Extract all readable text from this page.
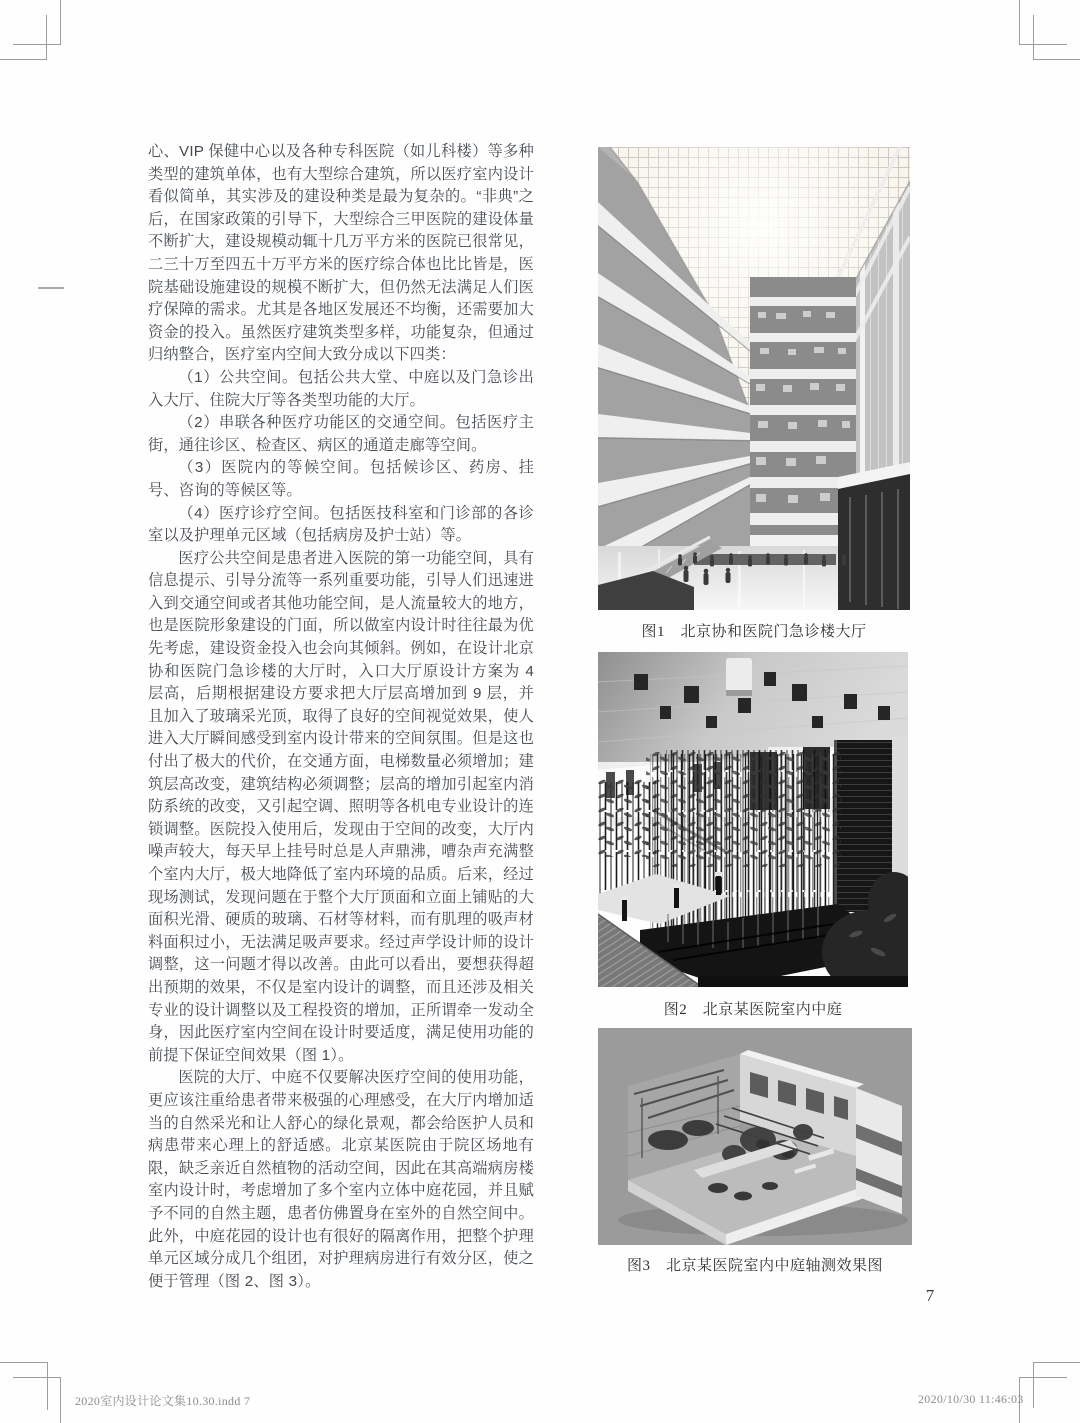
心、VIP 保健中心以及各种专科医院（如儿科楼）等多种类型的建筑单体，也有大型综合建筑，所以医疗室内设计看似简单，其实涉及的建设种类是最为复杂的。“非典”之后，在国家政策的引导下，大型综合三甲医院的建设体量不断扩大，建设规模动辄十几万平方米的医院已很常见，二三十万至四五十万平方米的医疗综合体也比比皆是，医院基础设施建设的规模不断扩大，但仍然无法满足人们医疗保障的需求。尤其是各地区发展还不均衡，还需要加大资金的投入。虽然医疗建筑类型多样，功能复杂，但通过归纳整合，医疗室内空间大致分成以下四类：

（1）公共空间。包括公共大堂、中庭以及门急诊出入大厅、住院大厅等各类型功能的大厅。

（2）串联各种医疗功能区的交通空间。包括医疗主街，通往诊区、检查区、病区的通道走廊等空间。

（3）医院内的等候空间。包括候诊区、药房、挂号、咨询的等候区等。

（4）医疗诊疗空间。包括医技科室和门诊部的各诊室以及护理单元区域（包括病房及护士站）等。

医疗公共空间是患者进入医院的第一功能空间，具有信息提示、引导分流等一系列重要功能，引导人们迅速进入到交通空间或者其他功能空间，是人流量较大的地方，也是医院形象建设的门面，所以做室内设计时往往最为优先考虑，建设资金投入也会向其倾斜。例如，在设计北京协和医院门急诊楼的大厅时，入口大厅原设计方案为 4 层高，后期根据建设方要求把大厅层高增加到 9 层，并且加入了玻璃采光顶，取得了良好的空间视觉效果，使人进入大厅瞬间感受到室内设计带来的空间氛围。但是这也付出了极大的代价，在交通方面，电梯数量必须增加；建筑层高改变，建筑结构必须调整；层高的增加引起室内消防系统的改变，又引起空调、照明等各机电专业设计的连锁调整。医院投入使用后，发现由于空间的改变，大厅内噪声较大，每天早上挂号时总是人声鼎沸，嘈杂声充满整个室内大厅，极大地降低了室内环境的品质。后来，经过现场测试，发现问题在于整个大厅顶面和立面上铺贴的大面积光滑、硬质的玻璃、石材等材料，而有肌理的吸声材料面积过小，无法满足吸声要求。经过声学设计师的设计调整，这一问题才得以改善。由此可以看出，要想获得超出预期的效果，不仅是室内设计的调整，而且还涉及相关专业的设计调整以及工程投资的增加，正所谓牵一发动全身，因此医疗室内空间在设计时要适度，满足使用功能的前提下保证空间效果（图 1）。

医院的大厅、中庭不仅要解决医疗空间的使用功能，更应该注重给患者带来极强的心理感受，在大厅内增加适当的自然采光和让人舒心的绿化景观，都会给医护人员和病患带来心理上的舒适感。北京某医院由于院区场地有限，缺乏亲近自然植物的活动空间，因此在其高端病房楼室内设计时，考虑增加了多个室内立体中庭花园，并且赋予不同的自然主题，患者仿佛置身在室外的自然空间中。此外，中庭花园的设计也有很好的隔离作用，把整个护理单元区域分成几个组团，对护理病房进行有效分区，使之便于管理（图 2、图 3）。

图1　北京协和医院门急诊楼大厅
图2　北京某医院室内中庭
图3　北京某医院室内中庭轴测效果图
7
2020室内设计论文集10.30.indd 7	2020/10/30 11:46:03
